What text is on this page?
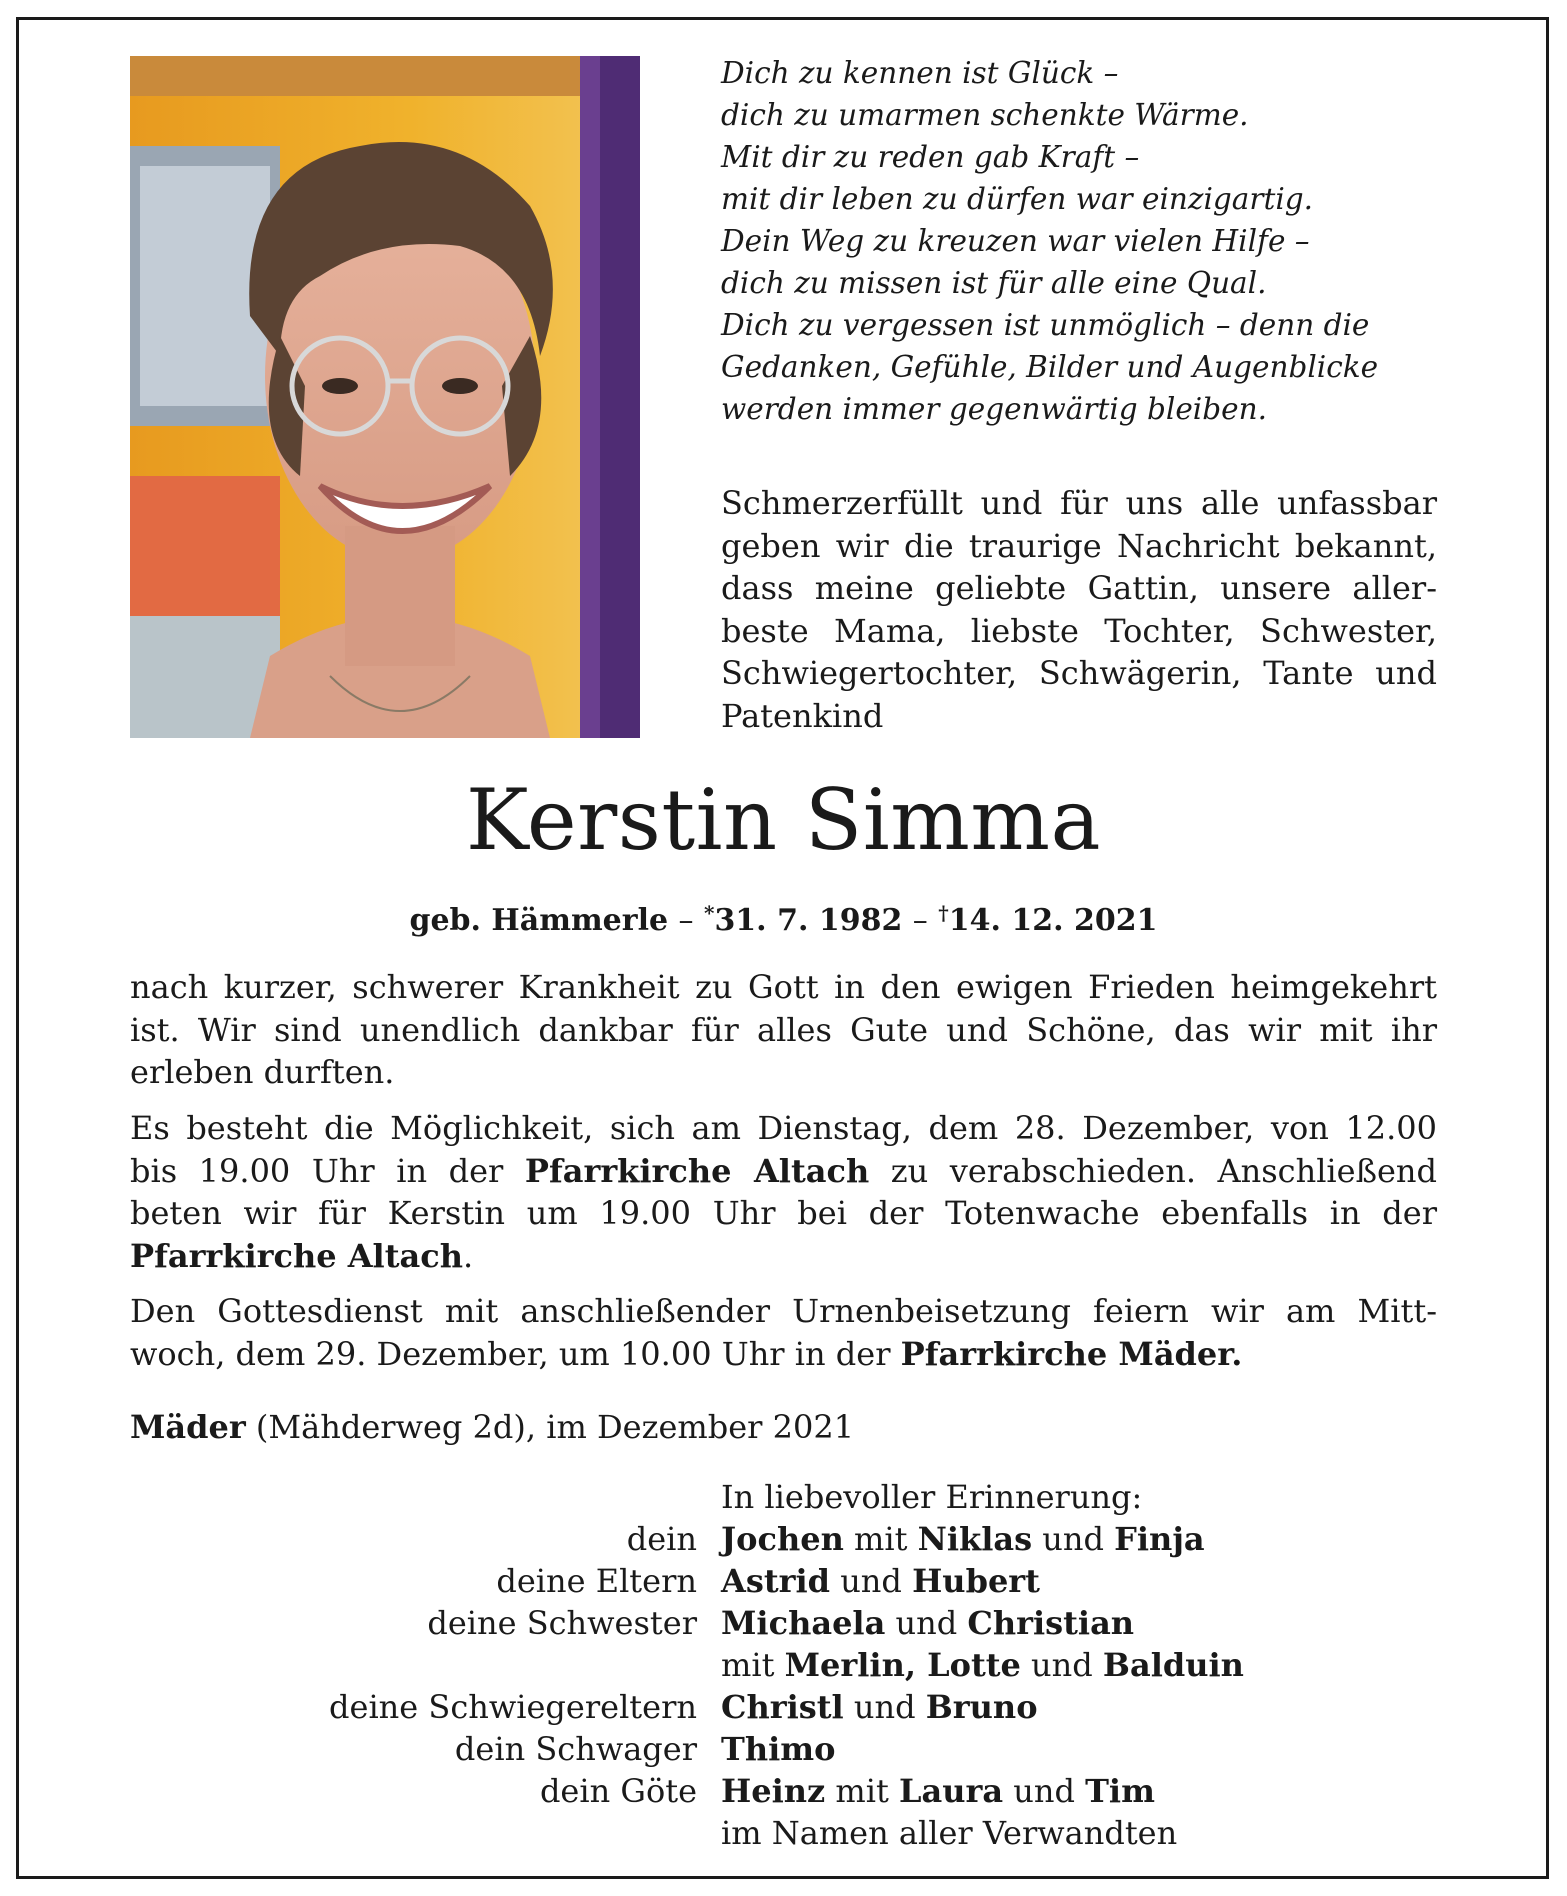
Dich zu kennen ist Glück –
dich zu umarmen schenkte Wärme.
Mit dir zu reden gab Kraft –
mit dir leben zu dürfen war einzigartig.
Dein Weg zu kreuzen war vielen Hilfe –
dich zu missen ist für alle eine Qual.
Dich zu vergessen ist unmöglich – denn die
Gedanken, Gefühle, Bilder und Augenblicke
werden immer gegenwärtig bleiben.
Schmerzerfüllt und für uns alle unfassbar
geben wir die traurige Nachricht bekannt,
dass meine geliebte Gattin, unsere aller-
beste Mama, liebste Tochter, Schwester,
Schwiegertochter, Schwägerin, Tante und
Patenkind
Kerstin Simma
geb. Hämmerle – *31. 7. 1982 – †14. 12. 2021
nach kurzer, schwerer Krankheit zu Gott in den ewigen Frieden heimgekehrt
ist. Wir sind unendlich dankbar für alles Gute und Schöne, das wir mit ihr
erleben durften.
Es besteht die Möglichkeit, sich am Dienstag, dem 28. Dezember, von 12.00
bis 19.00 Uhr in der Pfarrkirche Altach zu verabschieden. Anschließend
beten wir für Kerstin um 19.00 Uhr bei der Totenwache ebenfalls in der
Pfarrkirche Altach.
Den Gottesdienst mit anschließender Urnenbeisetzung feiern wir am Mitt-
woch, dem 29. Dezember, um 10.00 Uhr in der Pfarrkirche Mäder.
Mäder (Mähderweg 2d), im Dezember 2021
In liebevoller Erinnerung:
dein Jochen mit Niklas und Finja
deine Eltern Astrid und Hubert
deine Schwester Michaela und Christian
mit Merlin, Lotte und Balduin
deine Schwiegereltern Christl und Bruno
dein Schwager Thimo
dein Göte Heinz mit Laura und Tim
im Namen aller Verwandten
